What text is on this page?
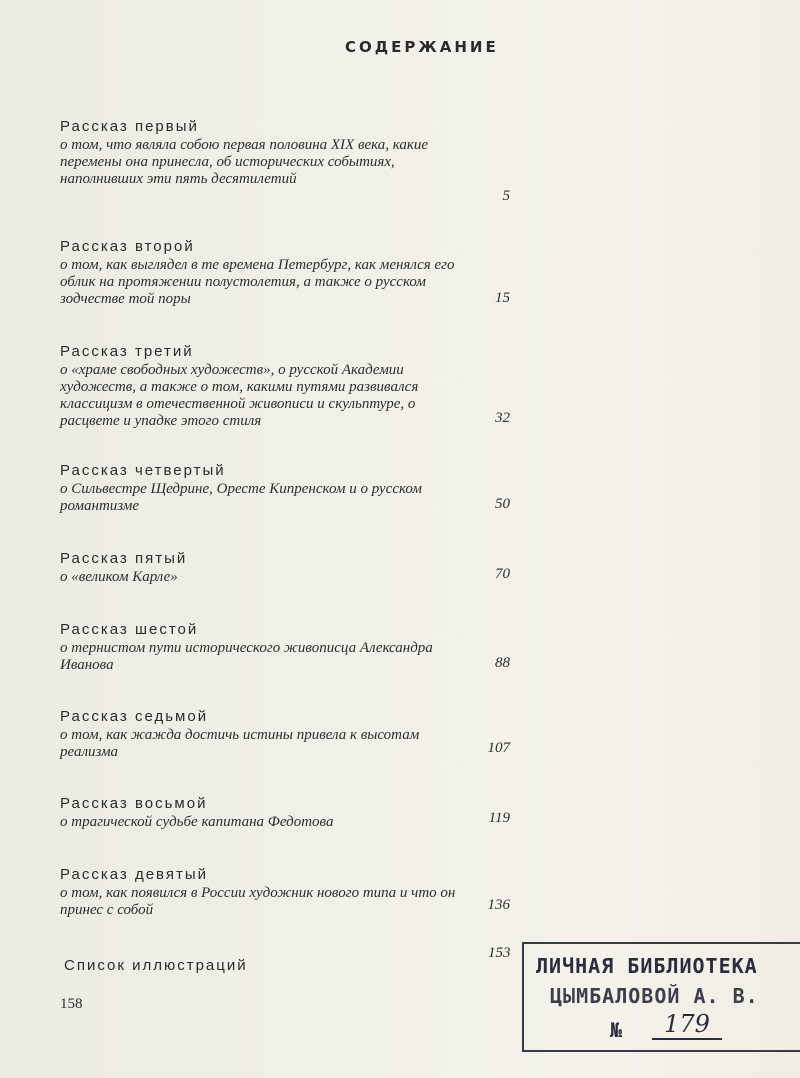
СОДЕРЖАНИЕ
Рассказ первый
о том, что являла собою первая половина XIX века, какие перемены она принесла, об исторических событиях, наполнивших эти пять десятилетий
5
Рассказ второй
о том, как выглядел в те времена Петербург, как менялся его облик на протяжении полустолетия, а также о русском зодчестве той поры	15
Рассказ третий
о «храме свободных художеств», о русской Академии художеств, а также о том, какими путями развивался классицизм в отечественной живописи и скульптуре, о расцвете и упадке этого стиля	32
Рассказ четвертый
о Сильвестре Щедрине, Оресте Кипренском и о русском романтизме	50
Рассказ пятый
о «великом Карле»	70
Рассказ шестой
о тернистом пути исторического живописца Александра Иванова	88
Рассказ седьмой
о том, как жажда достичь истины привела к высотам реализма	107
Рассказ восьмой
о трагической судьбе капитана Федотова	119
Рассказ девятый
о том, как появился в России художник нового типа и что он принес с собой	136
Список иллюстраций
153
158
ЛИЧНАЯ БИБЛИОТЕКА
ЦЫМБАЛОВОЙ А. В.
№	179
